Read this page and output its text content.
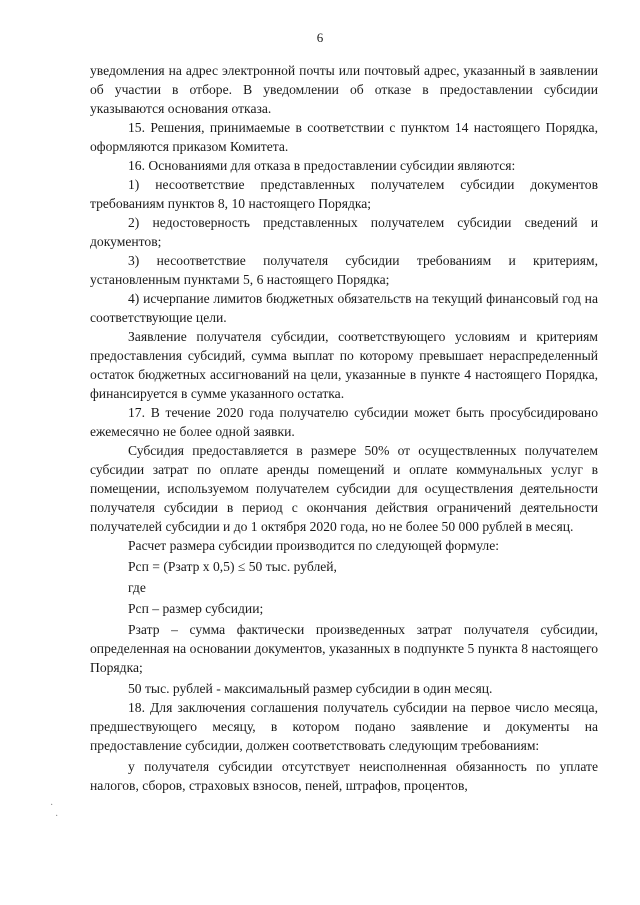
6

уведомления на адрес электронной почты или почтовый адрес, указанный в заявлении об участии в отборе. В уведомлении об отказе в предоставлении субсидии указываются основания отказа.

15. Решения, принимаемые в соответствии с пунктом 14 настоящего Порядка, оформляются приказом Комитета.

16. Основаниями для отказа в предоставлении субсидии являются:

1) несоответствие представленных получателем субсидии документов требованиям пунктов 8, 10 настоящего Порядка;

2) недостоверность представленных получателем субсидии сведений и документов;

3) несоответствие получателя субсидии требованиям и критериям, установленным пунктами 5, 6 настоящего Порядка;

4) исчерпание лимитов бюджетных обязательств на текущий финансовый год на соответствующие цели.

Заявление получателя субсидии, соответствующего условиям и критериям предоставления субсидий, сумма выплат по которому превышает нераспределенный остаток бюджетных ассигнований на цели, указанные в пункте 4 настоящего Порядка, финансируется в сумме указанного остатка.

17. В течение 2020 года получателю субсидии может быть просубсидировано ежемесячно не более одной заявки.

Субсидия предоставляется в размере 50% от осуществленных получателем субсидии затрат по оплате аренды помещений и оплате коммунальных услуг в помещении, используемом получателем субсидии для осуществления деятельности получателя субсидии в период с окончания действия ограничений деятельности получателей субсидии и до 1 октября 2020 года, но не более 50 000 рублей в месяц.

Расчет размера субсидии производится по следующей формуле:

Рсп = (Рзатр х 0,5) ≤ 50 тыс. рублей,

где

Рсп – размер субсидии;

Рзатр – сумма фактически произведенных затрат получателя субсидии, определенная на основании документов, указанных в подпункте 5 пункта 8 настоящего Порядка;

50 тыс. рублей - максимальный размер субсидии в один месяц.

18. Для заключения соглашения получатель субсидии на первое число месяца, предшествующего месяцу, в котором подано заявление и документы на предоставление субсидии, должен соответствовать следующим требованиям:

у получателя субсидии отсутствует неисполненная обязанность по уплате налогов, сборов, страховых взносов, пеней, штрафов, процентов,

·
·
